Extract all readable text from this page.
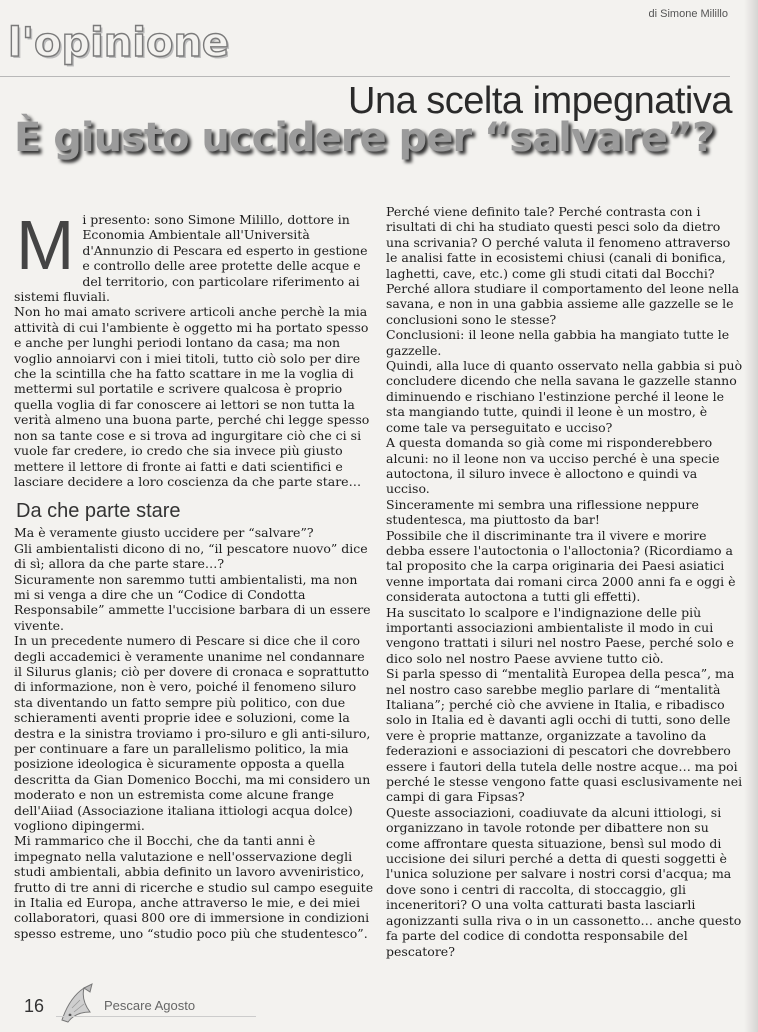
di Simone Milillo
l'opinione
Una scelta impegnativa
È giusto uccidere per “salvare”?

Mi presento: sono Simone Milillo, dottore in Economia Ambientale all'Università d'Annunzio di Pescara ed esperto in gestione e controllo delle aree protette delle acque e del territorio, con particolare riferimento ai sistemi fluviali.

Non ho mai amato scrivere articoli anche perchè la mia attività di cui l'ambiente è oggetto mi ha portato spesso e anche per lunghi periodi lontano da casa; ma non voglio annoiarvi con i miei titoli, tutto ciò solo per dire che la scintilla che ha fatto scattare in me la voglia di mettermi sul portatile e scrivere qualcosa è proprio quella voglia di far conoscere ai lettori se non tutta la verità almeno una buona parte, perché chi legge spesso non sa tante cose e si trova ad ingurgitare ciò che ci si vuole far credere, io credo che sia invece più giusto mettere il lettore di fronte ai fatti e dati scientifici e lasciare decidere a loro coscienza da che parte stare…

Da che parte stare

Ma è veramente giusto uccidere per “salvare”?

Gli ambientalisti dicono di no, “il pescatore nuovo” dice di sì; allora da che parte stare…?

Sicuramente non saremmo tutti ambientalisti, ma non mi si venga a dire che un “Codice di Condotta Responsabile” ammette l'uccisione barbara di un essere vivente.

In un precedente numero di Pescare si dice che il coro degli accademici è veramente unanime nel condannare il Silurus glanis; ciò per dovere di cronaca e soprattutto di informazione, non è vero, poiché il fenomeno siluro sta diventando un fatto sempre più politico, con due schieramenti aventi proprie idee e soluzioni, come la destra e la sinistra troviamo i pro-siluro e gli anti-siluro, per continuare a fare un parallelismo politico, la mia posizione ideologica è sicuramente opposta a quella descritta da Gian Domenico Bocchi, ma mi considero un moderato e non un estremista come alcune frange dell'Aiiad (Associazione italiana ittiologi acqua dolce) vogliono dipingermi.

Mi rammarico che il Bocchi, che da tanti anni è impegnato nella valutazione e nell'osservazione degli studi ambientali, abbia definito un lavoro avveniristico, frutto di tre anni di ricerche e studio sul campo eseguite in Italia ed Europa, anche attraverso le mie, e dei miei collaboratori, quasi 800 ore di immersione in condizioni spesso estreme, uno “studio poco più che studentesco”.

Perché viene definito tale? Perché contrasta con i risultati di chi ha studiato questi pesci solo da dietro una scrivania? O perché valuta il fenomeno attraverso le analisi fatte in ecosistemi chiusi (canali di bonifica, laghetti, cave, etc.) come gli studi citati dal Bocchi?

Perché allora studiare il comportamento del leone nella savana, e non in una gabbia assieme alle gazzelle se le conclusioni sono le stesse?

Conclusioni: il leone nella gabbia ha mangiato tutte le gazzelle.

Quindi, alla luce di quanto osservato nella gabbia si può concludere dicendo che nella savana le gazzelle stanno diminuendo e rischiano l'estinzione perché il leone le sta mangiando tutte, quindi il leone è un mostro, è come tale va perseguitato e ucciso?

A questa domanda so già come mi risponderebbero alcuni: no il leone non va ucciso perché è una specie autoctona, il siluro invece è alloctono e quindi va ucciso.

Sinceramente mi sembra una riflessione neppure studentesca, ma piuttosto da bar!

Possibile che il discriminante tra il vivere e morire debba essere l'autoctonia o l'alloctonia? (Ricordiamo a tal proposito che la carpa originaria dei Paesi asiatici venne importata dai romani circa 2000 anni fa e oggi è considerata autoctona a tutti gli effetti).

Ha suscitato lo scalpore e l'indignazione delle più importanti associazioni ambientaliste il modo in cui vengono trattati i siluri nel nostro Paese, perché solo e dico solo nel nostro Paese avviene tutto ciò.

Si parla spesso di “mentalità Europea della pesca”, ma nel nostro caso sarebbe meglio parlare di “mentalità Italiana”; perché ciò che avviene in Italia, e ribadisco solo in Italia ed è davanti agli occhi di tutti, sono delle vere è proprie mattanze, organizzate a tavolino da federazioni e associazioni di pescatori che dovrebbero essere i fautori della tutela delle nostre acque… ma poi perché le stesse vengono fatte quasi esclusivamente nei campi di gara Fipsas?

Queste associazioni, coadiuvate da alcuni ittiologi, si organizzano in tavole rotonde per dibattere non su come affrontare questa situazione, bensì sul modo di uccisione dei siluri perché a detta di questi soggetti è l'unica soluzione per salvare i nostri corsi d'acqua; ma dove sono i centri di raccolta, di stoccaggio, gli inceneritori? O una volta catturati basta lasciarli agonizzanti sulla riva o in un cassonetto… anche questo fa parte del codice di condotta responsabile del pescatore?

16	Pescare Agosto
